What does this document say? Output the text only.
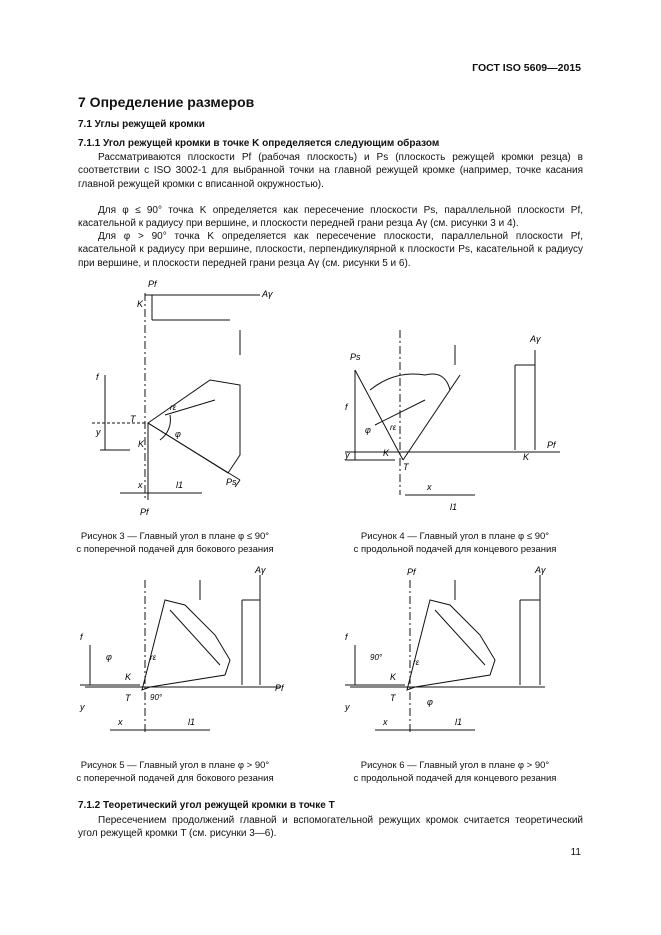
ГОСТ ISO 5609—2015
7 Определение размеров
7.1 Углы режущей кромки
7.1.1 Угол режущей кромки в точке K определяется следующим образом
Рассматриваются плоскости Pf (рабочая плоскость) и Ps (плоскость режущей кромки резца) в соответствии с ISO 3002-1 для выбранной точки на главной режущей кромке (например, точке касания главной режущей кромки с вписанной окружностью).
Для φ ≤ 90° точка K определяется как пересечение плоскости Ps, параллельной плоскости Pf, касательной к радиусу при вершине, и плоскости передней грани резца Aγ (см. рисунки 3 и 4).
Для φ > 90° точка K определяется как пересечение плоскости, параллельной плоскости Pf, касательной к радиусу при вершине, плоскости, перпендикулярной к плоскости Ps, касательной к радиусу при вершине, и плоскости передней грани резца Aγ (см. рисунки 5 и 6).
Pf
Aγ
K
T
K
Ps
f
y
x	l1
φ
rε
Pf
Рисунок 3 — Главный угол в плане φ ≤ 90°
с поперечной подачей для бокового резания
Aγ
Ps
Pf
K	K
T
f
y
x
l1
φ rε
Рисунок 4 — Главный угол в плане φ ≤ 90°
с продольной подачей для концевого резания
Aγ
Pf
K
T
f
y
x	l1
φ
90°
rε
Рисунок 5 — Главный угол в плане φ > 90°
с поперечной подачей для бокового резания
Pf	Aγ
K
T
f
y
x	l1
φ
90°
rε
Рисунок 6 — Главный угол в плане φ > 90°
с продольной подачей для концевого резания
7.1.2 Теоретический угол режущей кромки в точке T
Пересечением продолжений главной и вспомогательной режущих кромок считается теоретический угол режущей кромки T (см. рисунки 3—6).
11
